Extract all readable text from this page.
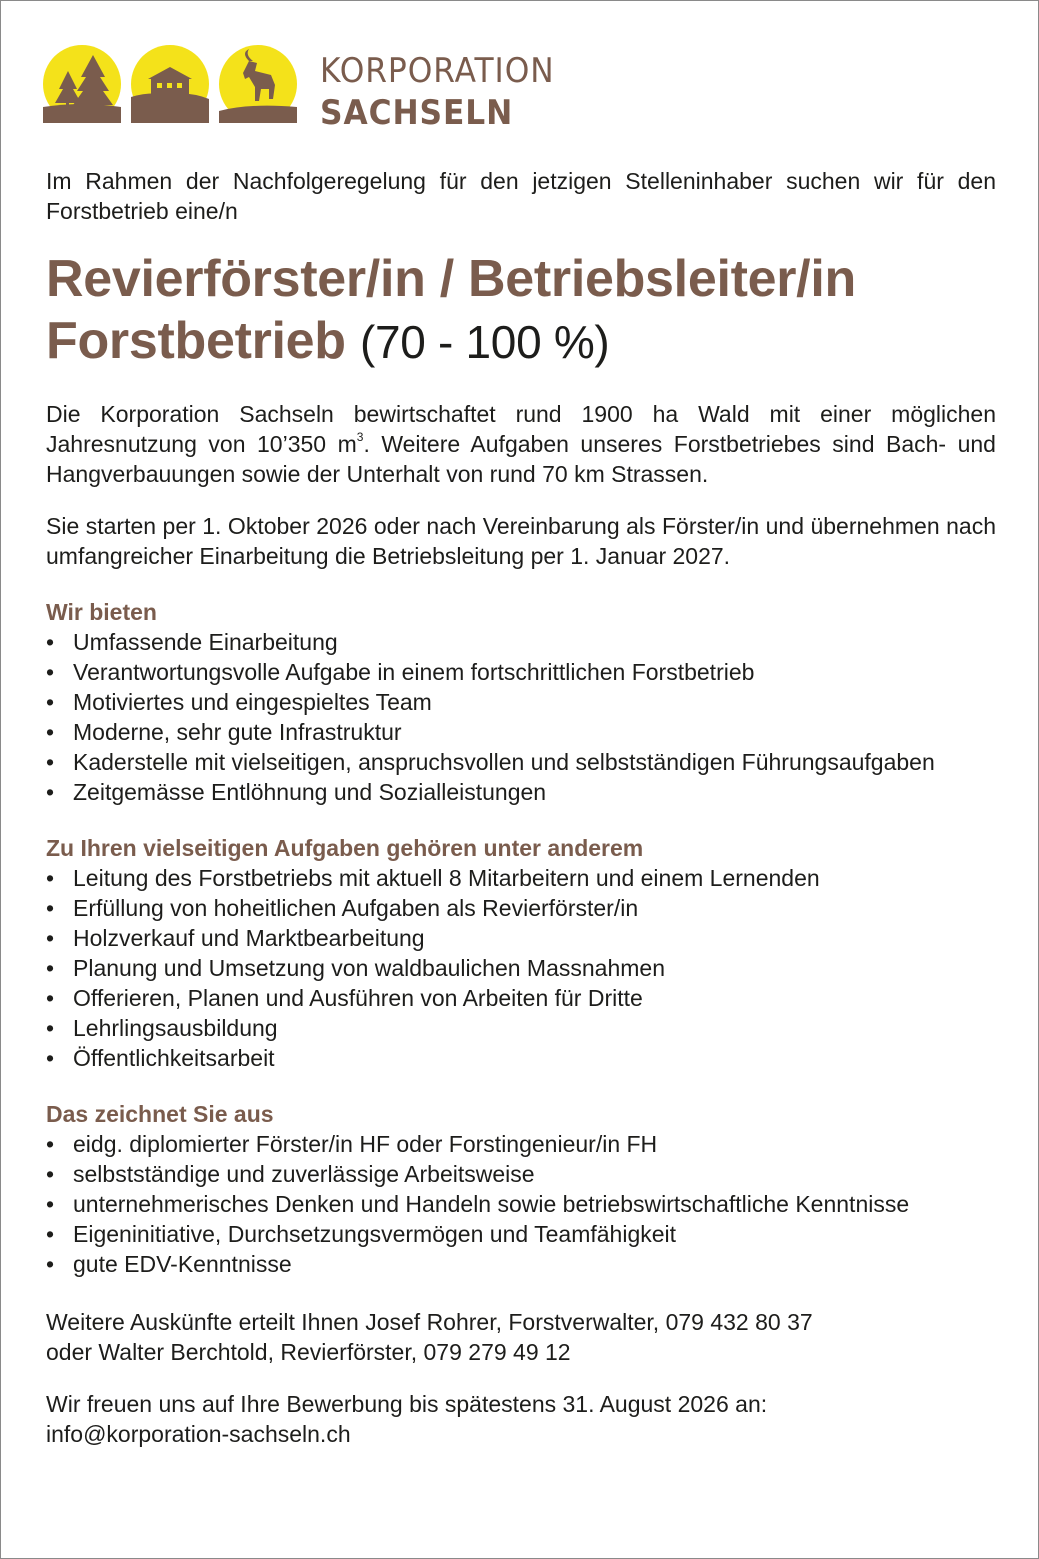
KORPORATION
SACHSELN

Im Rahmen der Nachfolgeregelung für den jetzigen Stelleninhaber suchen wir für den Forstbetrieb eine/n

Revierförster/in / Betriebsleiter/in
Forstbetrieb (70 - 100 %)

Die Korporation Sachseln bewirtschaftet rund 1900 ha Wald mit einer möglichen Jahresnutzung von 10’350 $m^3$. Weitere Aufgaben unseres Forstbetriebes sind Bach- und Hangverbauungen sowie der Unterhalt von rund 70 km Strassen.

Sie starten per 1. Oktober 2026 oder nach Vereinbarung als Förster/in und übernehmen nach umfangreicher Einarbeitung die Betriebsleitung per 1. Januar 2027.

Wir bieten
• Umfassende Einarbeitung
• Verantwortungsvolle Aufgabe in einem fortschrittlichen Forstbetrieb
• Motiviertes und eingespieltes Team
• Moderne, sehr gute Infrastruktur
• Kaderstelle mit vielseitigen, anspruchsvollen und selbstständigen Führungsaufgaben
• Zeitgemässe Entlöhnung und Sozialleistungen
Zu Ihren vielseitigen Aufgaben gehören unter anderem
• Leitung des Forstbetriebs mit aktuell 8 Mitarbeitern und einem Lernenden
• Erfüllung von hoheitlichen Aufgaben als Revierförster/in
• Holzverkauf und Marktbearbeitung
• Planung und Umsetzung von waldbaulichen Massnahmen
• Offerieren, Planen und Ausführen von Arbeiten für Dritte
• Lehrlingsausbildung
• Öffentlichkeitsarbeit
Das zeichnet Sie aus
• eidg. diplomierter Förster/in HF oder Forstingenieur/in FH
• selbstständige und zuverlässige Arbeitsweise
• unternehmerisches Denken und Handeln sowie betriebswirtschaftliche Kenntnisse
• Eigeninitiative, Durchsetzungsvermögen und Teamfähigkeit
• gute EDV-Kenntnisse
Weitere Auskünfte erteilt Ihnen Josef Rohrer, Forstverwalter, 079 432 80 37
oder Walter Berchtold, Revierförster, 079 279 49 12
Wir freuen uns auf Ihre Bewerbung bis spätestens 31. August 2026 an:
info@korporation-sachseln.ch
